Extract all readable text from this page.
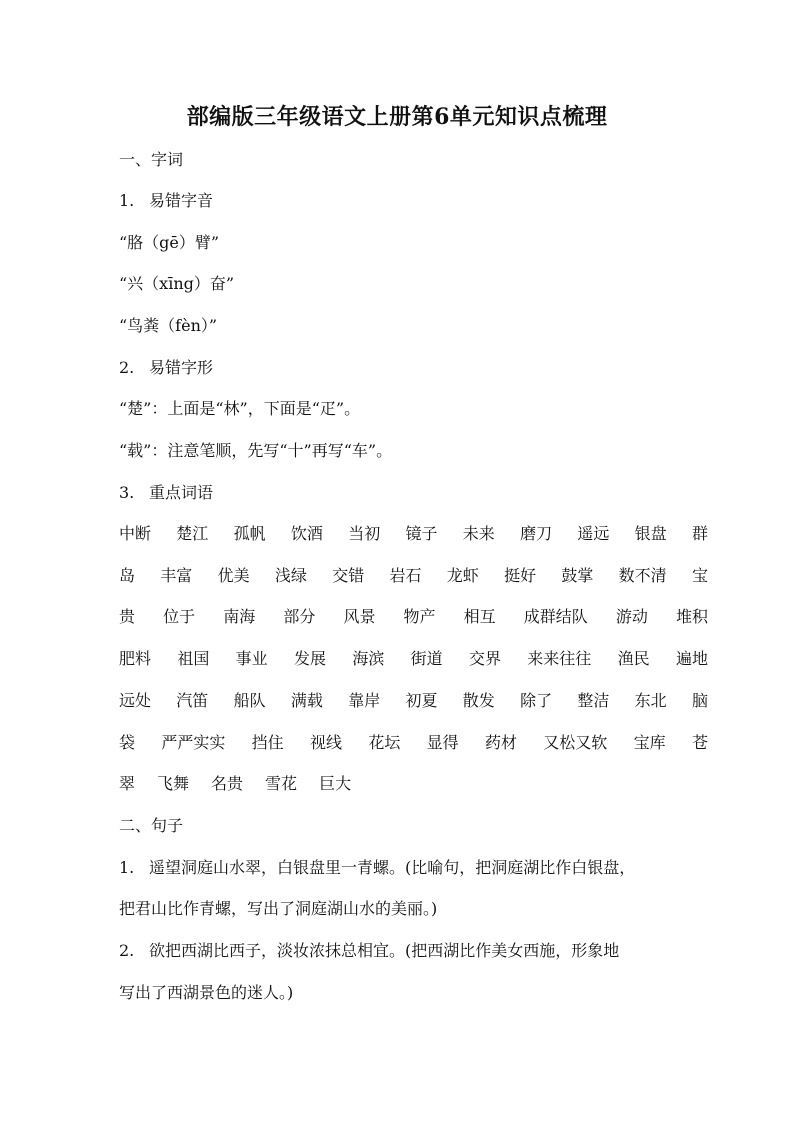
部编版三年级语文上册第6单元知识点梳理
一、字词
1. 易错字音
“胳（gē）臂”
“兴（xīng）奋”
“鸟粪（fèn）”
2. 易错字形
“楚”：上面是“林”，下面是“疋”。
“载”：注意笔顺，先写“十”再写“车”。
3. 重点词语
中断 楚江 孤帆 饮酒 当初 镜子 未来 磨刀 遥远 银盘 群
岛 丰富 优美 浅绿 交错 岩石 龙虾 挺好 鼓掌 数不清 宝
贵 位于 南海 部分 风景 物产 相互 成群结队 游动 堆积
肥料 祖国 事业 发展 海滨 街道 交界 来来往往 渔民 遍地
远处 汽笛 船队 满载 靠岸 初夏 散发 除了 整洁 东北 脑
袋 严严实实 挡住 视线 花坛 显得 药材 又松又软 宝库 苍
翠 飞舞 名贵 雪花 巨大
二、句子
1. 遥望洞庭山水翠，白银盘里一青螺。(比喻句，把洞庭湖比作白银盘，
把君山比作青螺，写出了洞庭湖山水的美丽。)
2. 欲把西湖比西子，淡妆浓抹总相宜。(把西湖比作美女西施，形象地
写出了西湖景色的迷人。)
